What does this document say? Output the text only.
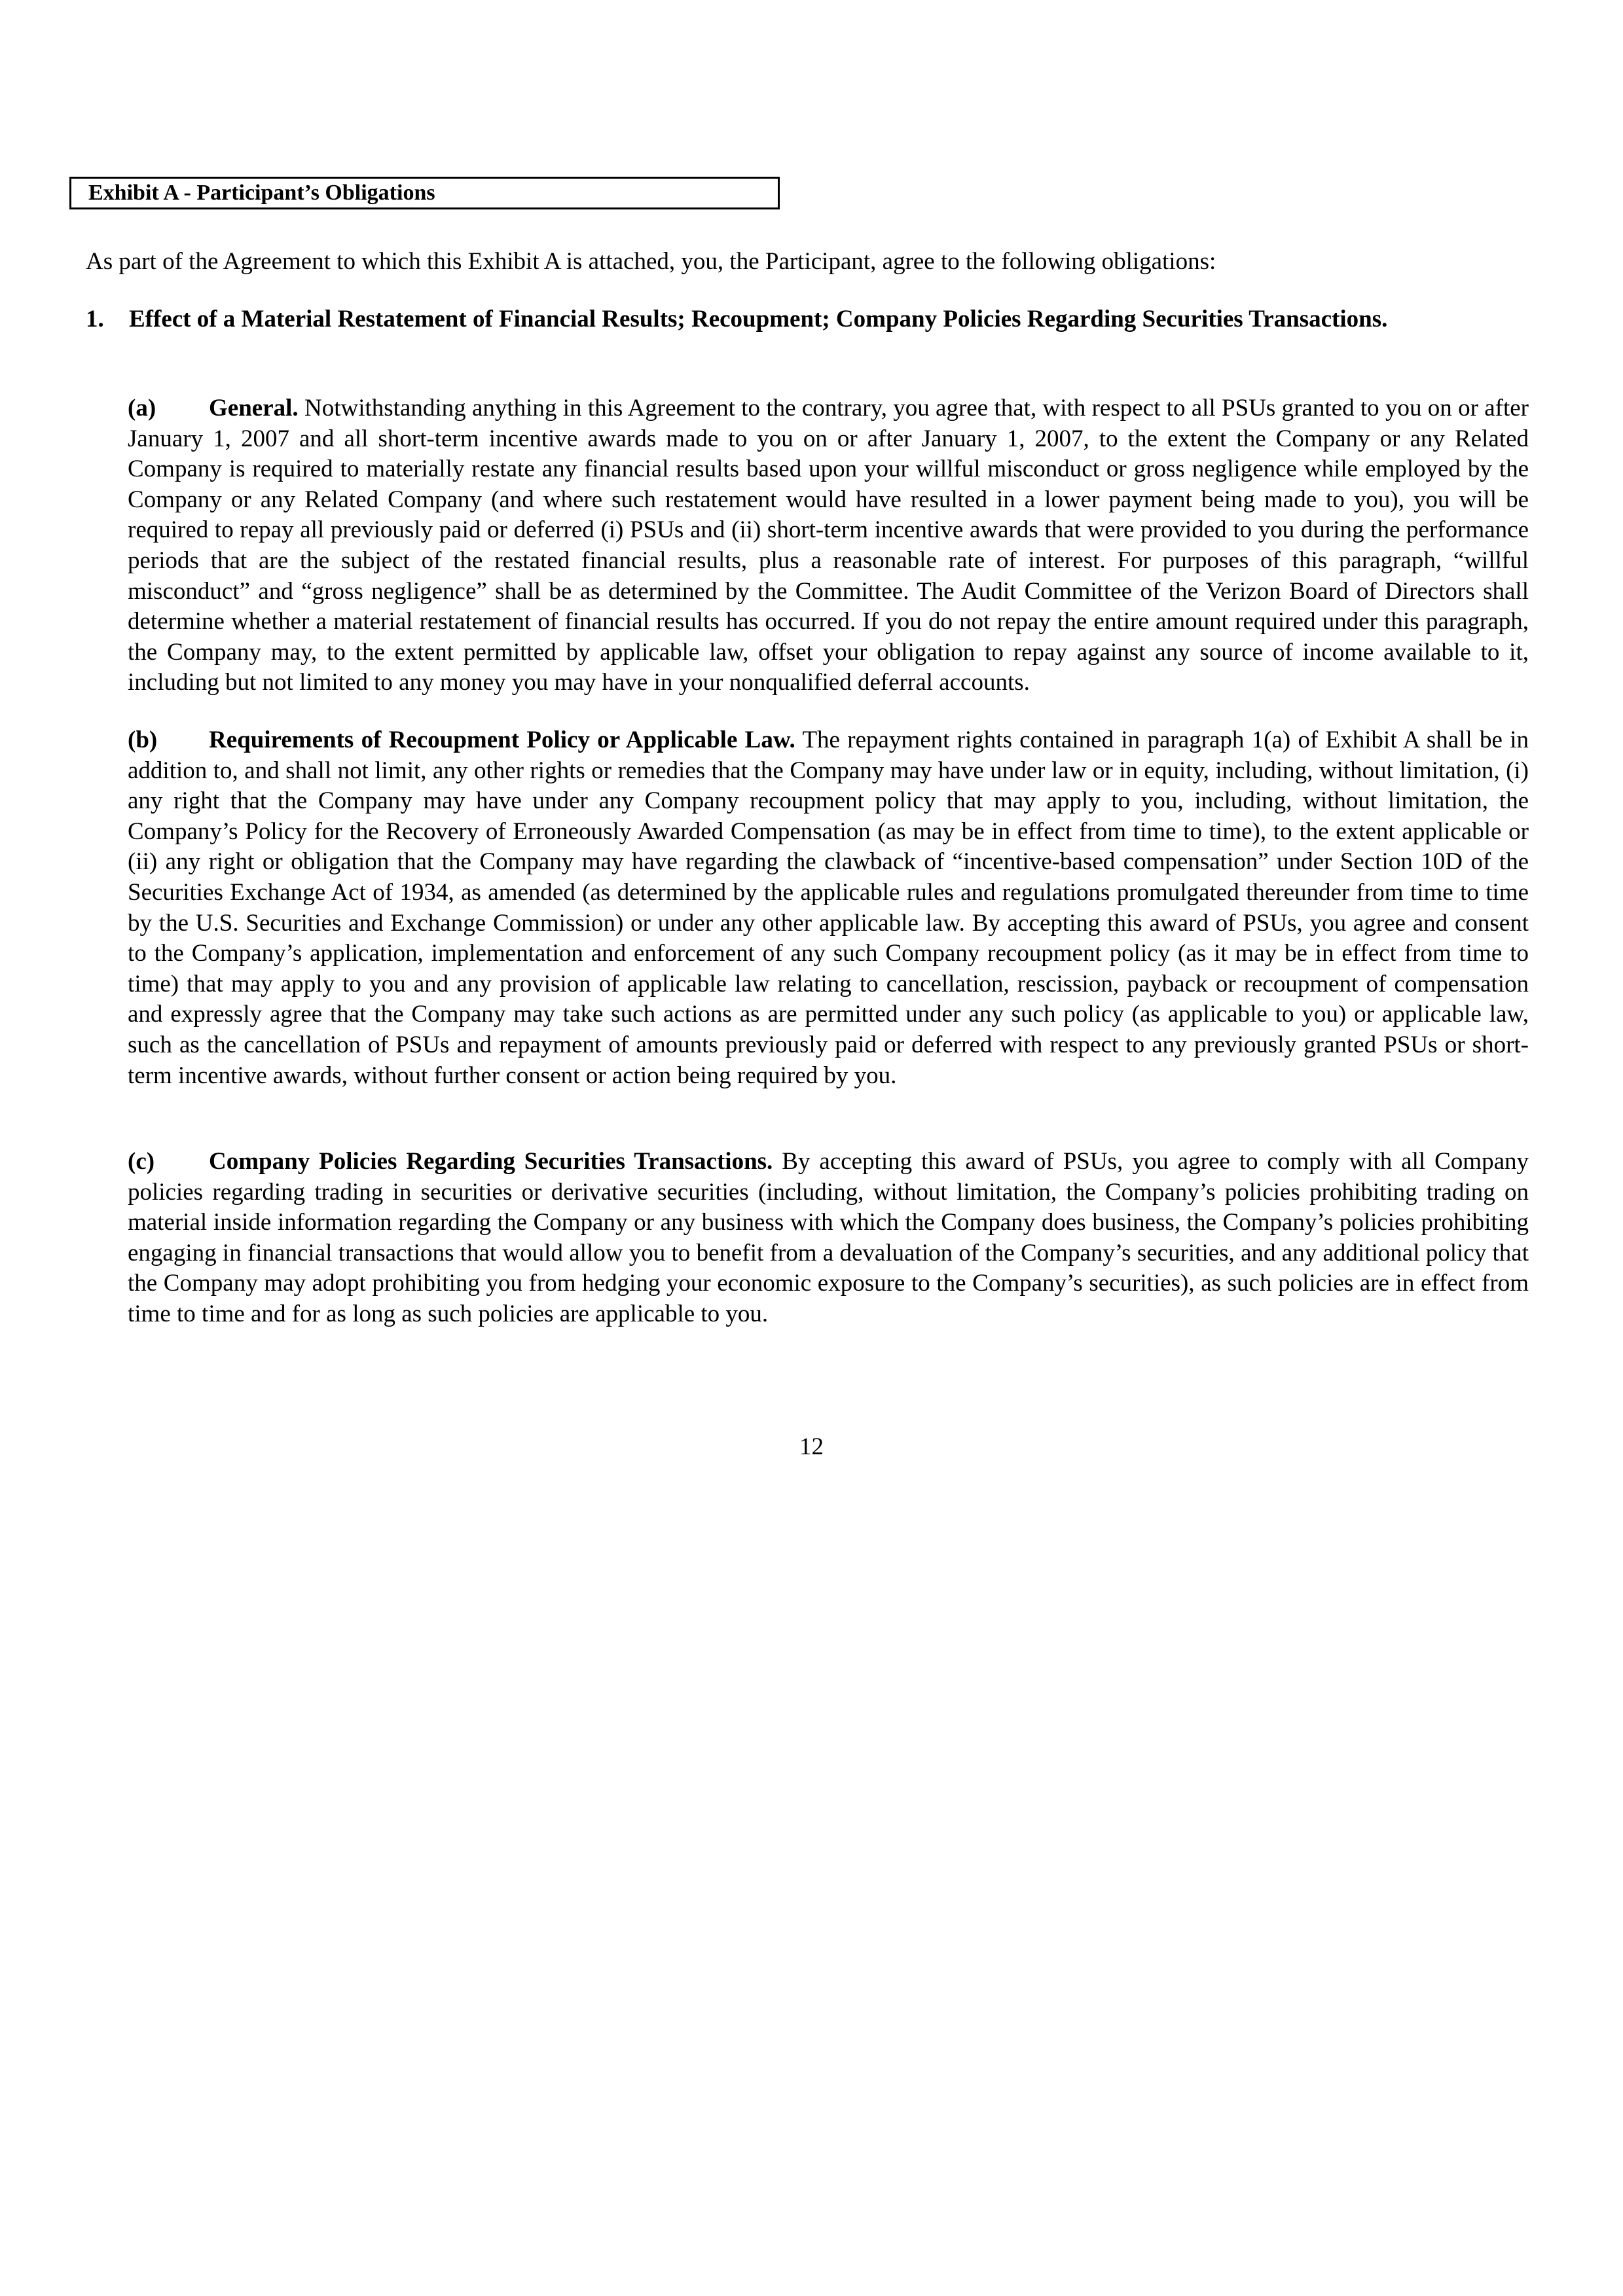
Exhibit A - Participant’s Obligations
As part of the Agreement to which this Exhibit A is attached, you, the Participant, agree to the following obligations:
1. Effect of a Material Restatement of Financial Results; Recoupment; Company Policies Regarding Securities Transactions.
(a) General. Notwithstanding anything in this Agreement to the contrary, you agree that, with respect to all PSUs granted to you on or after January 1, 2007 and all short-term incentive awards made to you on or after January 1, 2007, to the extent the Company or any Related Company is required to materially restate any financial results based upon your willful misconduct or gross negligence while employed by the Company or any Related Company (and where such restatement would have resulted in a lower payment being made to you), you will be required to repay all previously paid or deferred (i) PSUs and (ii) short-term incentive awards that were provided to you during the performance periods that are the subject of the restated financial results, plus a reasonable rate of interest. For purposes of this paragraph, “willful misconduct” and “gross negligence” shall be as determined by the Committee. The Audit Committee of the Verizon Board of Directors shall determine whether a material restatement of financial results has occurred. If you do not repay the entire amount required under this paragraph, the Company may, to the extent permitted by applicable law, offset your obligation to repay against any source of income available to it, including but not limited to any money you may have in your nonqualified deferral accounts.
(b) Requirements of Recoupment Policy or Applicable Law. The repayment rights contained in paragraph 1(a) of Exhibit A shall be in addition to, and shall not limit, any other rights or remedies that the Company may have under law or in equity, including, without limitation, (i) any right that the Company may have under any Company recoupment policy that may apply to you, including, without limitation, the Company’s Policy for the Recovery of Erroneously Awarded Compensation (as may be in effect from time to time), to the extent applicable or (ii) any right or obligation that the Company may have regarding the clawback of “incentive-based compensation” under Section 10D of the Securities Exchange Act of 1934, as amended (as determined by the applicable rules and regulations promulgated thereunder from time to time by the U.S. Securities and Exchange Commission) or under any other applicable law. By accepting this award of PSUs, you agree and consent to the Company’s application, implementation and enforcement of any such Company recoupment policy (as it may be in effect from time to time) that may apply to you and any provision of applicable law relating to cancellation, rescission, payback or recoupment of compensation and expressly agree that the Company may take such actions as are permitted under any such policy (as applicable to you) or applicable law, such as the cancellation of PSUs and repayment of amounts previously paid or deferred with respect to any previously granted PSUs or short-term incentive awards, without further consent or action being required by you.
(c) Company Policies Regarding Securities Transactions. By accepting this award of PSUs, you agree to comply with all Company policies regarding trading in securities or derivative securities (including, without limitation, the Company’s policies prohibiting trading on material inside information regarding the Company or any business with which the Company does business, the Company’s policies prohibiting engaging in financial transactions that would allow you to benefit from a devaluation of the Company’s securities, and any additional policy that the Company may adopt prohibiting you from hedging your economic exposure to the Company’s securities), as such policies are in effect from time to time and for as long as such policies are applicable to you.
12
